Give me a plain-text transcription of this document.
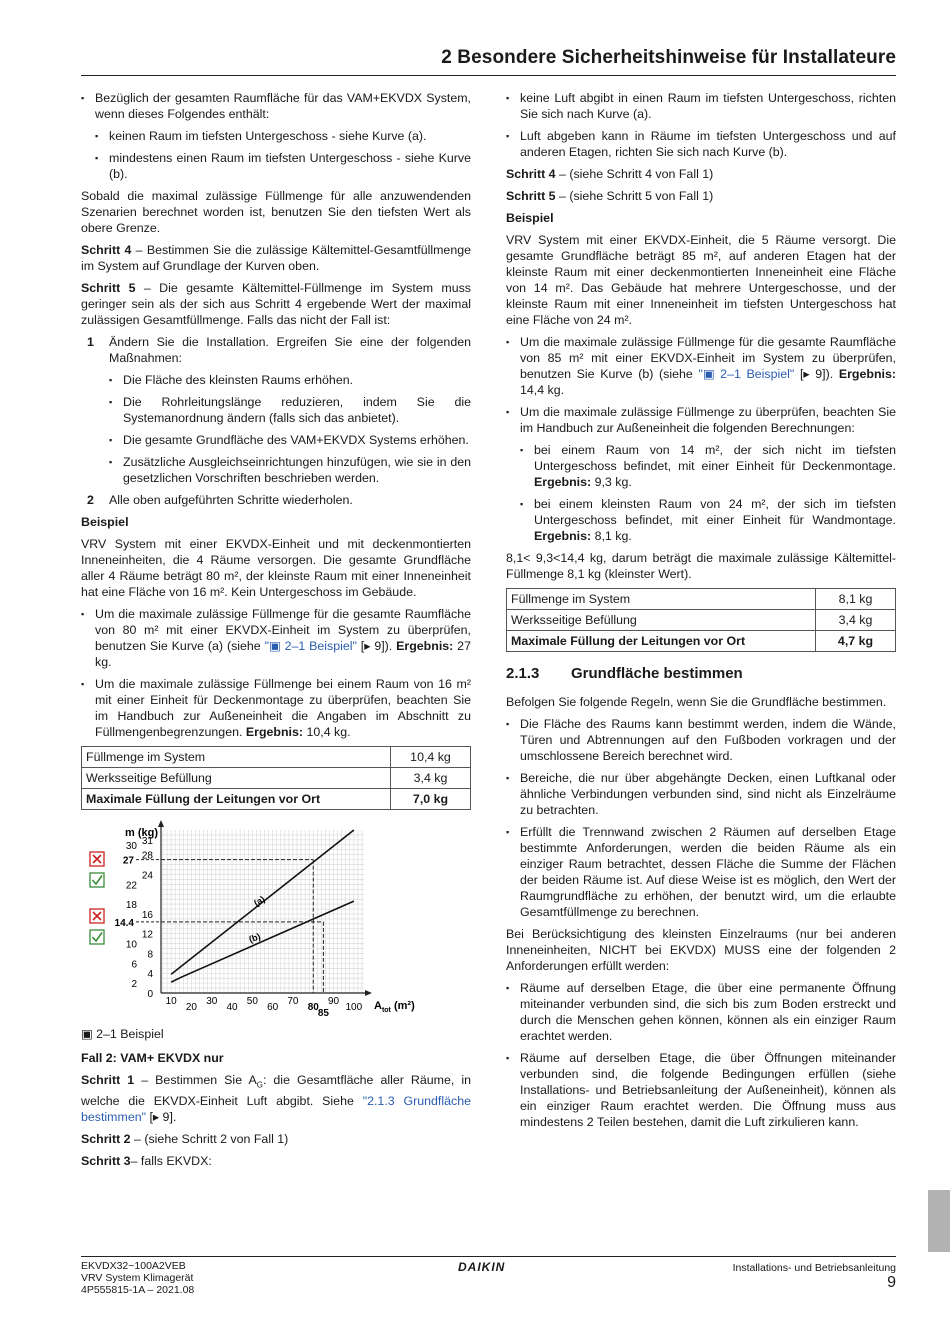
2 Besondere Sicherheitshinweise für Installateure
▪ Bezüglich der gesamten Raumfläche für das VAM+EKVDX System, wenn dieses Folgendes enthält:
▪ keinen Raum im tiefsten Untergeschoss - siehe Kurve (a).
▪ mindestens einen Raum im tiefsten Untergeschoss - siehe Kurve (b).

Sobald die maximal zulässige Füllmenge für alle anzuwendenden Szenarien berechnet worden ist, benutzen Sie den tiefsten Wert als obere Grenze.

Schritt 4 – Bestimmen Sie die zulässige Kältemittel-Gesamtfüllmenge im System auf Grundlage der Kurven oben.

Schritt 5 – Die gesamte Kältemittel-Füllmenge im System muss geringer sein als der sich aus Schritt 4 ergebende Wert der maximal zulässigen Gesamtfüllmenge. Falls das nicht der Fall ist:

1 Ändern Sie die Installation. Ergreifen Sie eine der folgenden Maßnahmen:
▪ Die Fläche des kleinsten Raums erhöhen.
▪ Die Rohrleitungslänge reduzieren, indem Sie die Systemanordnung ändern (falls sich das anbietet).
▪ Die gesamte Grundfläche des VAM+EKVDX Systems erhöhen.
▪ Zusätzliche Ausgleichseinrichtungen hinzufügen, wie sie in den gesetzlichen Vorschriften beschrieben werden.
2 Alle oben aufgeführten Schritte wiederholen.

Beispiel

VRV System mit einer EKVDX-Einheit und mit deckenmontierten Inneneinheiten, die 4 Räume versorgen. Die gesamte Grundfläche aller 4 Räume beträgt 80 m², der kleinste Raum mit einer Inneneinheit hat eine Fläche von 16 m². Kein Untergeschoss im Gebäude.

▪ Um die maximale zulässige Füllmenge für die gesamte Raumfläche von 80 m² mit einer EKVDX-Einheit im System zu überprüfen, benutzen Sie Kurve (a) (siehe "▣ 2–1 Beispiel" [▸ 9]). Ergebnis: 27 kg.
▪ Um die maximale zulässige Füllmenge bei einem Raum von 16 m² mit einer Einheit für Deckenmontage zu überprüfen, beachten Sie im Handbuch zur Außeneinheit die Angaben im Abschnitt zu Füllmengenbegrenzungen. Ergebnis: 10,4 kg.
Füllmenge im System	10,4 kg
Werksseitige Befüllung	3,4 kg
Maximale Füllung der Leitungen vor Ort	7,0 kg
m (kg)
0
2
4
6
8
10
12
14.4
16
18
22
24
27 28
30 31
10
20
30
40
50
60
70
80
90
100
85
(a)
(b)
$A_{tot}$ (m²)

▣ 2–1 Beispiel

Fall 2: VAM+ EKVDX nur

Schritt 1 – Bestimmen Sie $A_G$: die Gesamtfläche aller Räume, in welche die EKVDX-Einheit Luft abgibt. Siehe "2.1.3 Grundfläche bestimmen" [▸ 9].

Schritt 2 – (siehe Schritt 2 von Fall 1)

Schritt 3– falls EKVDX:

▪ keine Luft abgibt in einen Raum im tiefsten Untergeschoss, richten Sie sich nach Kurve (a).
▪ Luft abgeben kann in Räume im tiefsten Untergeschoss und auf anderen Etagen, richten Sie sich nach Kurve (b).

Schritt 4 – (siehe Schritt 4 von Fall 1)

Schritt 5 – (siehe Schritt 5 von Fall 1)

Beispiel

VRV System mit einer EKVDX-Einheit, die 5 Räume versorgt. Die gesamte Grundfläche beträgt 85 m², auf anderen Etagen hat der kleinste Raum mit einer deckenmontierten Inneneinheit eine Fläche von 14 m². Das Gebäude hat mehrere Untergeschosse, und der kleinste Raum mit einer Inneneinheit im tiefsten Untergeschoss hat eine Fläche von 24 m².

▪ Um die maximale zulässige Füllmenge für die gesamte Raumfläche von 85 m² mit einer EKVDX-Einheit im System zu überprüfen, benutzen Sie Kurve (b) (siehe "▣ 2–1 Beispiel" [▸ 9]). Ergebnis: 14,4 kg.
▪ Um die maximale zulässige Füllmenge zu überprüfen, beachten Sie im Handbuch zur Außeneinheit die folgenden Berechnungen:
▪ bei einem Raum von 14 m², der sich nicht im tiefsten Untergeschoss befindet, mit einer Einheit für Deckenmontage. Ergebnis: 9,3 kg.
▪ bei einem kleinsten Raum von 24 m², der sich im tiefsten Untergeschoss befindet, mit einer Einheit für Wandmontage. Ergebnis: 8,1 kg.

8,1< 9,3<14,4 kg, darum beträgt die maximale zulässige Kältemittel-Füllmenge 8,1 kg (kleinster Wert).

Füllmenge im System	8,1 kg
Werksseitige Befüllung	3,4 kg
Maximale Füllung der Leitungen vor Ort	4,7 kg
2.1.3 Grundfläche bestimmen

Befolgen Sie folgende Regeln, wenn Sie die Grundfläche bestimmen.

▪ Die Fläche des Raums kann bestimmt werden, indem die Wände, Türen und Abtrennungen auf den Fußboden vorkragen und der umschlossene Bereich berechnet wird.
▪ Bereiche, die nur über abgehängte Decken, einen Luftkanal oder ähnliche Verbindungen verbunden sind, sind nicht als Einzelräume zu betrachten.
▪ Erfüllt die Trennwand zwischen 2 Räumen auf derselben Etage bestimmte Anforderungen, werden die beiden Räume als ein einziger Raum betrachtet, dessen Fläche die Summe der Flächen der beiden Räume ist. Auf diese Weise ist es möglich, den Wert der Raumgrundfläche zu erhöhen, der benutzt wird, um die erlaubte Gesamtfüllmenge zu berechnen.

Bei Berücksichtigung des kleinsten Einzelraums (nur bei anderen Inneneinheiten, NICHT bei EKVDX) MUSS eine der folgenden 2 Anforderungen erfüllt werden:

▪ Räume auf derselben Etage, die über eine permanente Öffnung miteinander verbunden sind, die sich bis zum Boden erstreckt und durch die Menschen gehen können, können als ein einziger Raum erachtet werden.
▪ Räume auf derselben Etage, die über Öffnungen miteinander verbunden sind, die folgende Bedingungen erfüllen (siehe Installations- und Betriebsanleitung der Außeneinheit), können als ein einziger Raum erachtet werden. Die Öffnung muss aus mindestens 2 Teilen bestehen, damit die Luft zirkulieren kann.
EKVDX32~100A2VEB
VRV System Klimagerät
4P555815-1A – 2021.08
DAIKIN	Installations- und Betriebsanleitung
9
